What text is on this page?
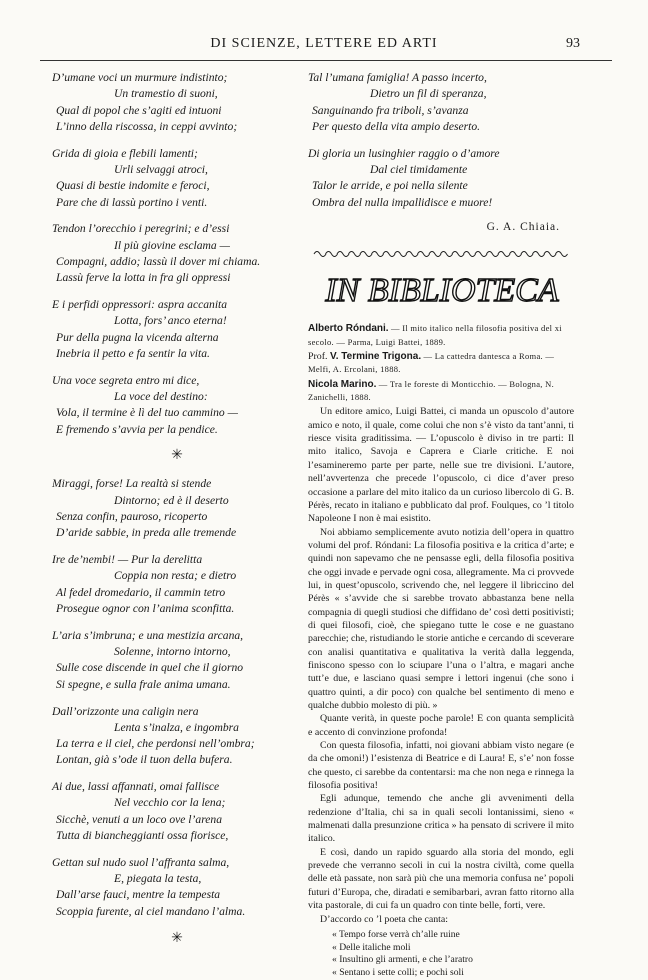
DI SCIENZE, LETTERE ED ARTI	93
D’umane voci un murmure indistinto;
Un tramestio di suoni,
Qual di popol che s’agiti ed intuoni
L’inno della riscossa, in ceppi avvinto;
Grida di gioia e flebili lamenti;
Urli selvaggi atroci,
Quasi di bestie indomite e feroci,
Pare che di lassù portino i venti.
Tendon l’orecchio i peregrini; e d’essi
Il più giovine esclama —
Compagni, addio; lassù il dover mi chiama.
Lassù ferve la lotta in fra gli oppressi
E i perfidi oppressori: aspra accanita
Lotta, fors’ anco eterna!
Pur della pugna la vicenda alterna
Inebria il petto e fa sentir la vita.
Una voce segreta entro mi dice,
La voce del destino:
Vola, il termine è lì del tuo cammino —
E fremendo s’avvia per la pendice.
✳
Miraggi, forse! La realtà si stende
Dintorno; ed è il deserto
Senza confin, pauroso, ricoperto
D’aride sabbie, in preda alle tremende
Ire de’nembi! — Pur la derelitta
Coppia non resta; e dietro
Al fedel dromedario, il cammin tetro
Prosegue ognor con l’anima sconfitta.
L’aria s’imbruna; e una mestizia arcana,
Solenne, intorno intorno,
Sulle cose discende in quel che il giorno
Si spegne, e sulla frale anima umana.
Dall’orizzonte una caligin nera
Lenta s’inalza, e ingombra
La terra e il ciel, che perdonsi nell’ombra;
Lontan, già s’ode il tuon della bufera.
Ai due, lassi affannati, omai fallisce
Nel vecchio cor la lena;
Sicchè, venuti a un loco ove l’arena
Tutta di biancheggianti ossa fiorisce,
Gettan sul nudo suol l’affranta salma,
E, piegata la testa,
Dall’arse fauci, mentre la tempesta
Scoppia furente, al ciel mandano l’alma.
✳
Tal l’umana famiglia! A passo incerto,
Dietro un fil di speranza,
Sanguinando fra triboli, s’avanza
Per questo della vita ampio deserto.
Di gloria un lusinghier raggio o d’amore
Dal ciel timidamente
Talor le arride, e poi nella silente
Ombra del nulla impallidisce e muore!
G. A. Chiaia.
IN BIBLIOTECA

Alberto Róndani. — Il mito italico nella filosofia positiva del xi secolo. — Parma, Luigi Battei, 1889.

Prof. V. Termine Trigona. — La cattedra dantesca a Roma. — Melfi, A. Ercolani, 1888.

Nicola Marino. — Tra le foreste di Monticchio. — Bologna, N. Zanichelli, 1888.

Un editore amico, Luigi Battei, ci manda un opuscolo d’autore amico e noto, il quale, come colui che non s’è visto da tant’anni, ti riesce visita graditissima. — L’opuscolo è diviso in tre parti: Il mito italico, Savoja e Caprera e Ciarle critiche. E noi l’esamineremo parte per parte, nelle sue tre divisioni. L’autore, nell’avvertenza che precede l’opuscolo, ci dice d’aver preso occasione a parlare del mito italico da un curioso libercolo di G. B. Pérès, recato in italiano e pubblicato dal prof. Foulques, co ’l titolo Napoleone I non è mai esistito.

Noi abbiamo semplicemente avuto notizia dell’opera in quattro volumi del prof. Róndani: La filosofia positiva e la critica d’arte; e quindi non sapevamo che ne pensasse egli, della filosofia positiva che oggi invade e pervade ogni cosa, allegramente. Ma ci provvede lui, in quest’opuscolo, scrivendo che, nel leggere il libriccino del Pérès « s’avvide che si sarebbe trovato abbastanza bene nella compagnia di quegli studiosi che diffidano de’ così detti positivisti; di quei filosofi, cioè, che spiegano tutte le cose e ne guastano parecchie; che, ristudiando le storie antiche e cercando di sceverare con analisi quantitativa e qualitativa la verità dalla leggenda, finiscono spesso con lo sciupare l’una o l’altra, e magari anche tutt’e due, e lasciano quasi sempre i lettori ingenui (che sono i quattro quinti, a dir poco) con qualche bel sentimento di meno e qualche dubbio molesto di più. »

Quante verità, in queste poche parole! E con quanta semplicità e accento di convinzione profonda!

Con questa filosofia, infatti, noi giovani abbiam visto negare (e da che omoni!) l’esistenza di Beatrice e di Laura! E, s’e’ non fosse che questo, ci sarebbe da contentarsi: ma che non nega e rinnega la filosofia positiva!

Egli adunque, temendo che anche gli avvenimenti della redenzione d’Italia, chi sa in quali secoli lontanissimi, sieno « malmenati dalla presunzione critica » ha pensato di scrivere il mito italico.

E così, dando un rapido sguardo alla storia del mondo, egli prevede che verranno secoli in cui la nostra civiltà, come quella delle età passate, non sarà più che una memoria confusa ne’ popoli futuri d’Europa, che, diradati e semibarbari, avran fatto ritorno alla vita pastorale, di cui fa un quadro con tinte belle, forti, vere.

D’accordo co ’l poeta che canta:

« Tempo forse verrà ch’alle ruine
« Delle italiche moli
« Insultino gli armenti, e che l’aratro
« Sentano i sette colli; e pochi soli
